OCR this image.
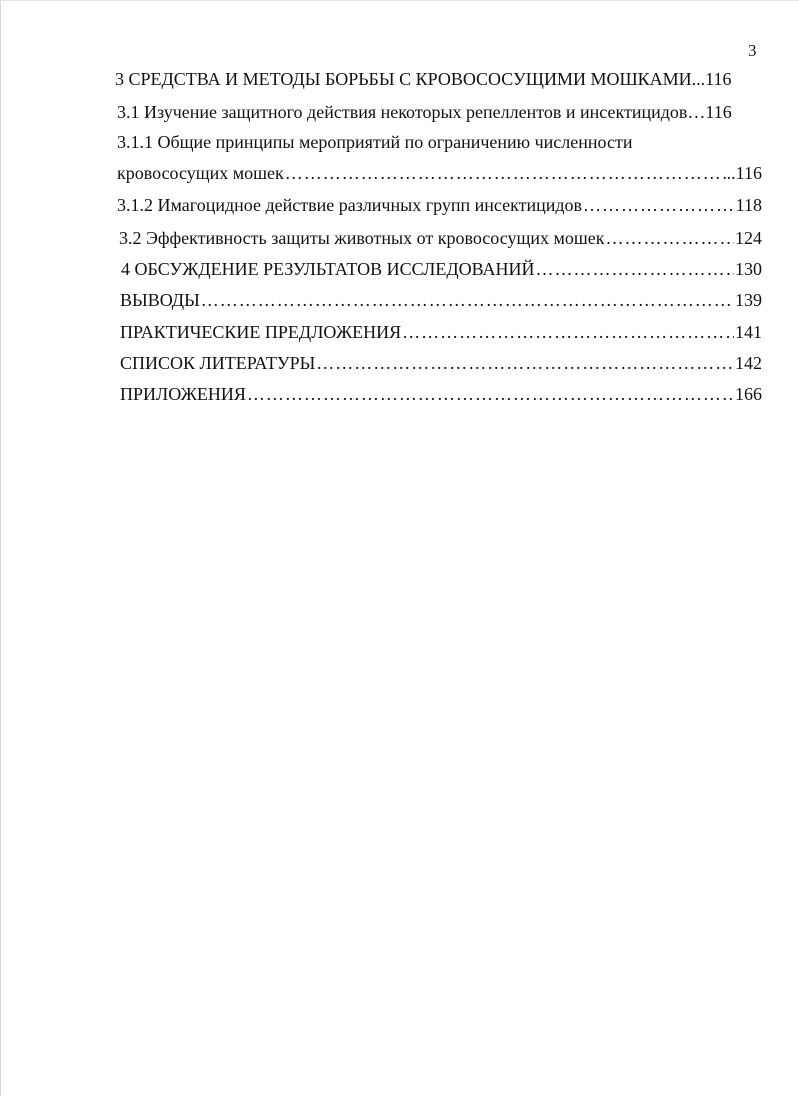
3
3 СРЕДСТВА И МЕТОДЫ БОРЬБЫ С КРОВОСОСУЩИМИ МОШКАМИ ...116
3.1 Изучение защитного действия некоторых репеллентов и инсектицидов …116
3.1.1 Общие принципы мероприятий по ограничению численности
кровососущих мошек ………………………………………………………………………………………………………………………………………………………………	..116
3.1.2 Имагоцидное действие различных групп инсектицидов ………………………………………………………………………………………………………………………………………………………………	118
3.2 Эффективность защиты животных от кровососущих мошек ………………………………………………………………………………………………………………………………………………………………	124
4 ОБСУЖДЕНИЕ РЕЗУЛЬТАТОВ ИССЛЕДОВАНИЙ ………………………………………………………………………………………………………………………………………………………………	130
ВЫВОДЫ ………………………………………………………………………………………………………………………………………………………………	139
ПРАКТИЧЕСКИЕ ПРЕДЛОЖЕНИЯ ………………………………………………………………………………………………………………………………………………………………	141
СПИСОК ЛИТЕРАТУРЫ ………………………………………………………………………………………………………………………………………………………………	142
ПРИЛОЖЕНИЯ ………………………………………………………………………………………………………………………………………………………………	166
